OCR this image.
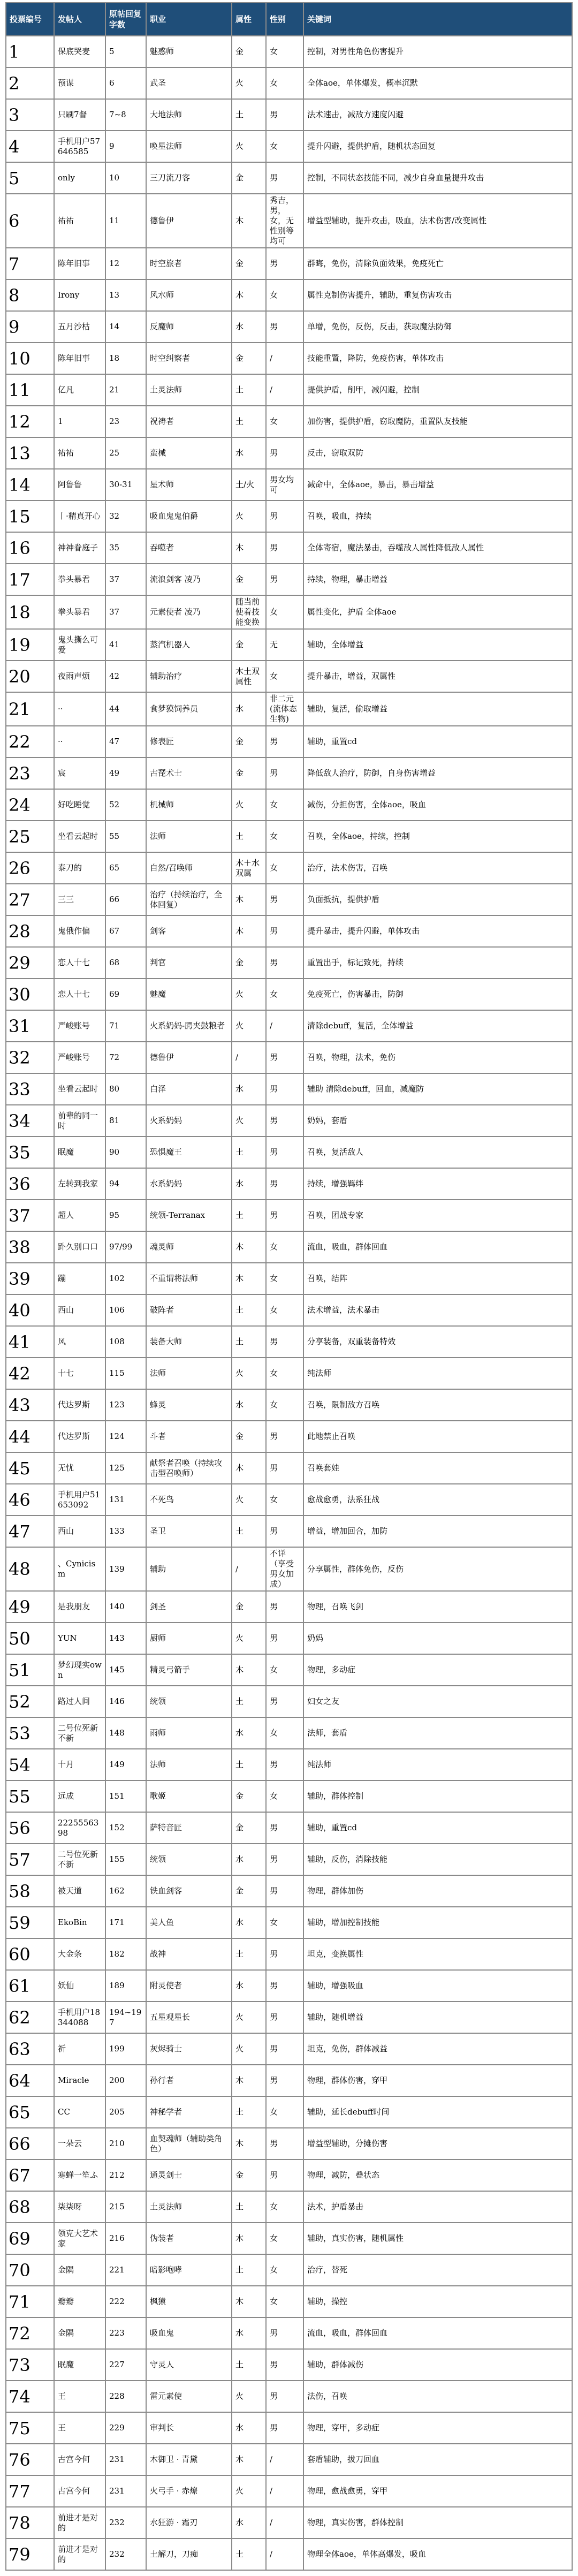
投票编号	发帖人	原帖回复字数	职业	属性	性别	关键词
1	保底哭麦	5	魅惑师	金	女	控制，对男性角色伤害提升
2	预谋	6	武圣	火	女	全体aoe，单体爆发，概率沉默
3	只刷7督	7~8	大地法师	土	男	法术速击，减敌方速度闪避
4	手机用户57646585	9	唤星法师	火	女	提升闪避，提供护盾，随机状态回复
5	only	10	三刀流刀客	金	男	控制，不同状态技能不同，减少自身血量提升攻击
6	祐祐	11	德鲁伊	木	秀吉，男，女，无性别等均可	增益型辅助，提升攻击，吸血，法术伤害/改变属性
7	陈年旧事	12	时空旅者	金	男	群晦，免伤，清除负面效果，免疫死亡
8	Irony	13	风水师	木	女	属性克制伤害提升，辅助，重复伤害攻击
9	五月沙枯	14	反魔师	水	男	单增，免伤，反伤，反击，获取魔法防御
10	陈年旧事	18	时空纠察者	金	/	技能重置，降防，免疫伤害，单体攻击
11	亿凡	21	土灵法师	土	/	提供护盾，削甲，减闪避，控制
12	1	23	祝祷者	土	女	加伤害，提供护盾，窃取魔防，重置队友技能
13	祐祐	25	蛮械	水	男	反击，窃取双防
14	阿鲁鲁	30-31	星术师	土/火	男女均可	减命中，全体aoe，暴击，暴击增益
15	丨·精真开心	32	吸血鬼鬼伯爵	火	男	召唤，吸血，持续
16	神神眷庭子	35	吞噬者	木	男	全体寄宿，魔法暴击，吞噬敌人属性降低敌人属性
17	拳头暴君	37	流浪剑客 凌乃	金	男	持续，物理，暴击增益
18	拳头暴君	37	元素使者 凌乃	随当前使着技能变换	女	属性变化，护盾 全体aoe
19	鬼头撕么可爱	41	蒸汽机器人	金	无	辅助，全体增益
20	夜雨声烦	42	辅助治疗	木土双属性	女	提升暴击，增益，双属性
21	··	44	食梦獏饲养员	水	非二元(流体态生物)	辅助，复活，偷取增益
22	··	47	修表匠	金	男	辅助，重置cd
23	宸	49	古琵术士	金	男	降低敌人治疗，防御，自身伤害增益
24	好吃睡觉	52	机械师	火	女	减伤，分担伤害，全体aoe，吸血
25	坐看云起时	55	法师	土	女	召唤，全体aoe，持续，控制
26	泰刀的	65	自然/召唤师	木＋水双属	女	治疗，法术伤害，召唤
27	三三	66	治疗（持续治疗，全体回复）	木	男	负面抵抗，提供护盾
28	鬼俄作偏	67	剑客	木	男	提升暴击，提升闪避，单体攻击
29	恋人十七	68	判官	金	男	重置出手，标记致死，持续
30	恋人十七	69	魅魔	火	女	免疫死亡，伤害暴击，防御
31	严峻账号	71	火系奶妈-腭夹鼓粮者	火	/	清除debuff，复活，全体增益
32	严峻账号	72	德鲁伊	/	男	召唤，物理，法术，免伤
33	坐看云起时	80	白泽	水	男	辅助 清除debuff，回血，减魔防
34	前辈的同一时	81	火系奶妈	火	男	奶妈，套盾
35	眠魔	90	恐惧魔王	土	男	召唤，复活敌人
36	左转到我家	94	水系奶妈	水	男	持续，增强羁绊
37	超人	95	统领-Terranax	土	男	召唤，团战专家
38	䟔久别口口	97/99	魂灵师	木	女	流血，吸血，群体回血
39	蹦	102	不重谓将法师	木	女	召唤，结阵
40	西山	106	破阵者	土	女	法术增益，法术暴击
41	风	108	装备大师	土	男	分享装备，双重装备特效
42	十七	115	法师	火	女	纯法师
43	代达罗斯	123	蜂灵	水	女	召唤，限制敌方召唤
44	代达罗斯	124	斗者	金	男	此地禁止召唤
45	无忧	125	献祭者召唤（持续攻击型召唤师）	木	男	召唤套娃
46	手机用户51653092	131	不死鸟	火	女	愈战愈勇，法系狂战
47	西山	133	圣卫	土	男	增益，增加回合，加防
48	、Cynicism	139	辅助	/	不详（享受男女加成）	分享属性，群体免伤，反伤
49	是我朋友	140	剑圣	金	男	物理，召唤飞剑
50	YUN	143	厨师	火	男	奶妈
51	梦幻现实own	145	精灵弓箭手	木	女	物理，多动症
52	路过人间	146	统领	土	男	妇女之友
53	二号位死新不新	148	雨师	水	女	法师，套盾
54	十月	149	法师	土	男	纯法师
55	远成	151	歌姬	金	女	辅助，群体控制
56	2225556398	152	萨特音匠	金	男	辅助，重置cd
57	二号位死新不新	155	统领	水	男	辅助，反伤，消除技能
58	被天道	162	铁血剑客	金	男	物理，群体加伤
59	EkoBin	171	美人鱼	水	女	辅助，增加控制技能
60	大金条	182	战神	土	男	坦克，变换属性
61	妖仙	189	附灵使者	水	男	辅助，增强吸血
62	手机用户18344088	194~197	五星观星长	火	男	辅助，随机增益
63	祈	199	灰烬骑士	火	男	坦克，免伤，群体减益
64	Miracle	200	孙行者	木	男	物理，群体伤害，穿甲
65	CC	205	神秘学者	土	女	辅助，延长debuff时间
66	一朵云	210	血契魂师（辅助类角色）	木	男	增益型辅助，分摊伤害
67	寒蝉一笙ふ	212	通灵剑士	金	男	物理，减防，叠状态
68	柒柒呀	215	土灵法师	土	女	法术，护盾暴击
69	领克大艺术家	216	伪装者	木	女	辅助，真实伤害，随机属性
70	金隅	221	暗影咆哮	土	女	治疗，替死
71	瓣瓣	222	枫猿	木	女	辅助，操控
72	金隅	223	吸血鬼	水	男	流血，吸血，群体回血
73	眠魔	227	守灵人	土	男	辅助，群体减伤
74	王	228	雷元素使	火	男	法伤，召唤
75	王	229	审判长	水	男	物理，穿甲，多动症
76	古宫今何	231	木御卫 · 青黛	木	/	套盾辅助，拔刀回血
77	古宫今何	231	火弓手 · 赤燎	火	/	物理，愈战愈勇，穿甲
78	前进才是对的	232	水狂游 · 霜刃	水	/	物理，真实伤害，群体控制
79	前进才是对的	232	土解刀，刀痴	土	/	物理全体aoe，单体高爆发，吸血
